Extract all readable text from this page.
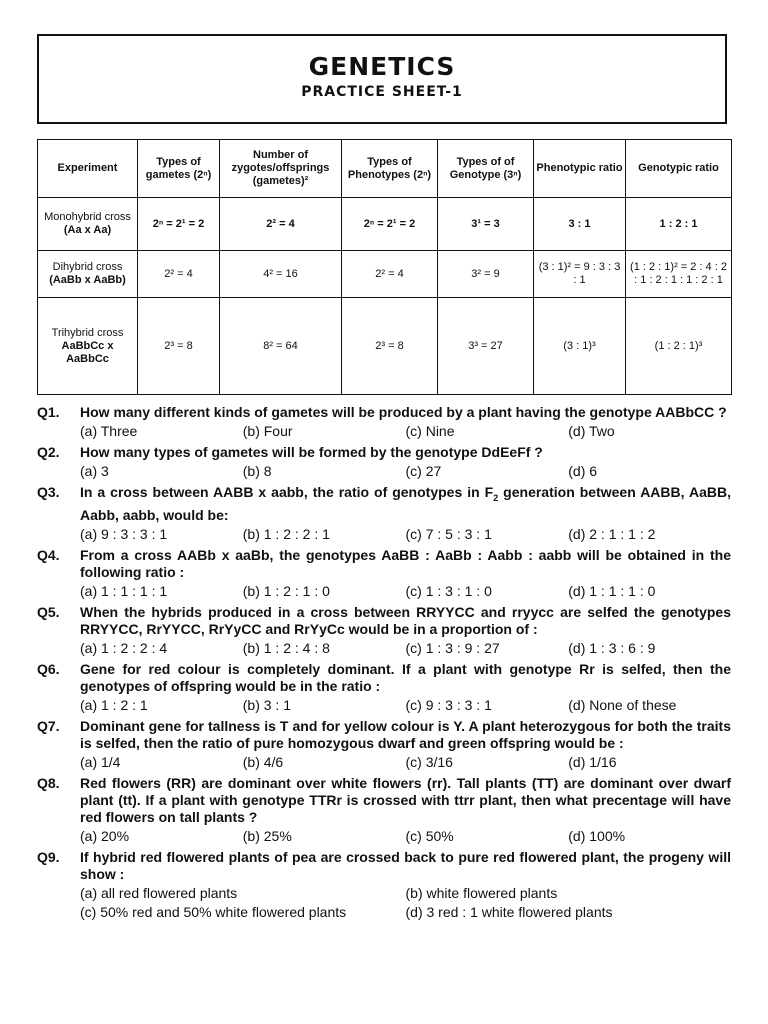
GENETICS
PRACTICE SHEET-1
Experiment	Types of gametes (2ⁿ)	Number of zygotes/offsprings (gametes)²	Types of Phenotypes (2ⁿ)	Types of of Genotype (3ⁿ)	Phenotypic ratio	Genotypic ratio

Monohybrid cross
(Aa x Aa)	2ⁿ = 2¹ = 2	2² = 4	2ⁿ = 2¹ = 2	3¹ = 3	3 : 1	1 : 2 : 1

Dihybrid cross
(AaBb x AaBb)	2² = 4	4² = 16	2² = 4	3² = 9	(3 : 1)² = 9 : 3 : 3 : 1	(1 : 2 : 1)² = 2 : 4 : 2 : 1 : 2 : 1 : 1 : 2 : 1

Trihybrid cross
AaBbCc x AaBbCc	2³ = 8	8² = 64	2³ = 8	3³ = 27	(3 : 1)³	(1 : 2 : 1)³
Q1. How many different kinds of gametes will be produced by a plant having the genotype AABbCC ?
(a) Three	(b) Four	(c) Nine	(d) Two
Q2. How many types of gametes will be formed by the genotype DdEeFf ?
(a) 3	(b) 8	(c) 27	(d) 6
Q3. In a cross between AABB x aabb, the ratio of genotypes in $F_2$ generation between AABB, AaBB, Aabb, aabb, would be:
(a) 9 : 3 : 3 : 1	(b) 1 : 2 : 2 : 1	(c) 7 : 5 : 3 : 1	(d) 2 : 1 : 1 : 2
Q4. From a cross AABb x aaBb, the genotypes AaBB : AaBb : Aabb : aabb will be obtained in the following ratio :
(a) 1 : 1 : 1 : 1	(b) 1 : 2 : 1 : 0	(c) 1 : 3 : 1 : 0	(d) 1 : 1 : 1 : 0
Q5. When the hybrids produced in a cross between RRYYCC and rryycc are selfed the genotypes RRYYCC, RrYYCC, RrYyCC and RrYyCc would be in a proportion of :
(a) 1 : 2 : 2 : 4	(b) 1 : 2 : 4 : 8	(c) 1 : 3 : 9 : 27	(d) 1 : 3 : 6 : 9
Q6. Gene for red colour is completely dominant. If a plant with genotype Rr is selfed, then the genotypes of offspring would be in the ratio :
(a) 1 : 2 : 1	(b) 3 : 1	(c) 9 : 3 : 3 : 1	(d) None of these
Q7. Dominant gene for tallness is T and for yellow colour is Y. A plant heterozygous for both the traits is selfed, then the ratio of pure homozygous dwarf and green offspring would be :
(a) 1/4	(b) 4/6	(c) 3/16	(d) 1/16
Q8. Red flowers (RR) are dominant over white flowers (rr). Tall plants (TT) are dominant over dwarf plant (tt). If a plant with genotype TTRr is crossed with ttrr plant, then what precentage will have red flowers on tall plants ?
(a) 20%	(b) 25%	(c) 50%	(d) 100%
Q9. If hybrid red flowered plants of pea are crossed back to pure red flowered plant, the progeny will show :
(a) all red flowered plants	(b) white flowered plants
(c) 50% red and 50% white flowered plants	(d) 3 red : 1 white flowered plants
